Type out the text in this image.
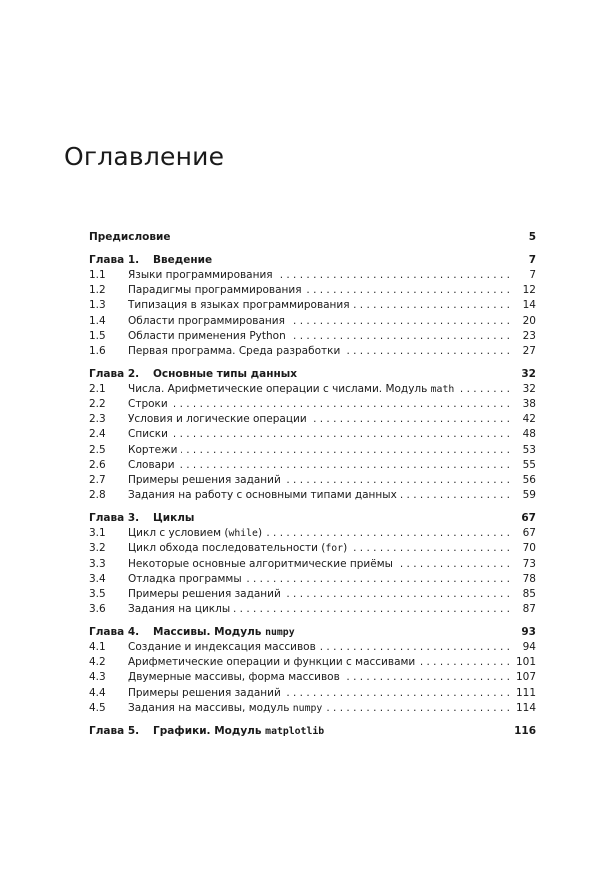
Оглавление
Предисловие	5
Глава 1.	Введение	7
1.1	Языки программирования . . .	7
1.2	Парадигмы программирования . . .	12
1.3	Типизация в языках программирования . . .	14
1.4	Области программирования . . .	20
1.5	Области применения Python . . .	23
1.6	Первая программа. Среда разработки . . .	27
Глава 2.	Основные типы данных	32
2.1	Числа. Арифметические операции с числами. Модуль math . . .	32
2.2	Строки . . .	38
2.3	Условия и логические операции . . .	42
2.4	Списки . . .	48
2.5	Кортежи . . .	53
2.6	Словари . . .	55
2.7	Примеры решения заданий . . .	56
2.8	Задания на работу с основными типами данных . . .	59
Глава 3.	Циклы	67
3.1	Цикл с условием (while) . . .	67
3.2	Цикл обхода последовательности (for) . . .	70
3.3	Некоторые основные алгоритмические приёмы . . .	73
3.4	Отладка программы . . .	78
3.5	Примеры решения заданий . . .	85
3.6	Задания на циклы . . .	87
Глава 4.	Массивы. Модуль numpy	93
4.1	Создание и индексация массивов . . .	94
4.2	Арифметические операции и функции с массивами . . .	101
4.3	Двумерные массивы, форма массивов . . .	107
4.4	Примеры решения заданий . . .	111
4.5	Задания на массивы, модуль numpy . . .	114
Глава 5.	Графики. Модуль matplotlib	116
